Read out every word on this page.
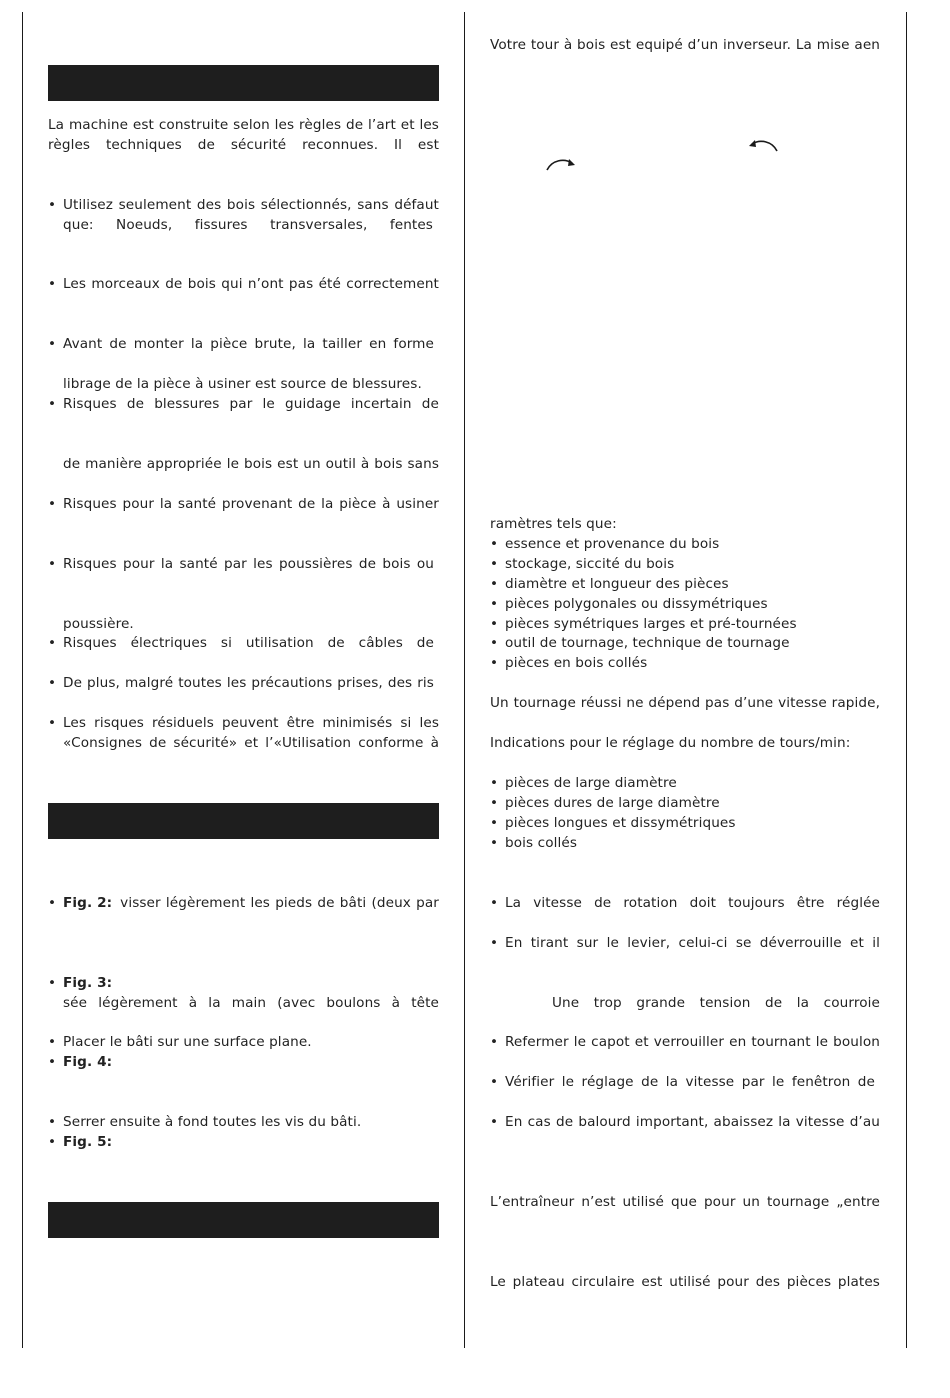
La machine est construite selon les règles de l’art et les
règles techniques de sécurité reconnues. Il est
• Utilisez seulement des bois sélectionnés, sans défaut
que: Noeuds, fissures transversales, fentes
• Les morceaux de bois qui n’ont pas été correctement
• Avant de monter la pièce brute, la tailler en forme
librage de la pièce à usiner est source de blessures.
• Risques de blessures par le guidage incertain de
de manière appropriée le bois est un outil à bois sans
• Risques pour la santé provenant de la pièce à usiner
• Risques pour la santé par les poussières de bois ou
poussière.
• Risques électriques si utilisation de câbles de
• De plus, malgré toutes les précautions prises, des ris
• Les risques résiduels peuvent être minimisés si les
«Consignes de sécurité» et l’«Utilisation conforme à
• Fig. 2: visser légèrement les pieds de bâti (deux par
• Fig. 3:
sée légèrement à la main (avec boulons à tête
• Placer le bâti sur une surface plane.
• Fig. 4:
• Serrer ensuite à fond toutes les vis du bâti.
• Fig. 5:
Votre tour à bois est equipé d’un inverseur. La mise aen
ramètres tels que:
• essence et provenance du bois
• stockage, siccité du bois
• diamètre et longueur des pièces
• pièces polygonales ou dissymétriques
• pièces symétriques larges et pré-tournées
• outil de tournage, technique de tournage
• pièces en bois collés
Un tournage réussi ne dépend pas d’une vitesse rapide,
Indications pour le réglage du nombre de tours/min:
• pièces de large diamètre
• pièces dures de large diamètre
• pièces longues et dissymétriques
• bois collés
• La vitesse de rotation doit toujours être réglée
• En tirant sur le levier, celui-ci se déverrouille et il
Une trop grande tension de la courroie
• Refermer le capot et verrouiller en tournant le boulon
• Vérifier le réglage de la vitesse par le fenêtron de
• En cas de balourd important, abaissez la vitesse d’au
L’entraîneur n’est utilisé que pour un tournage „entre
Le plateau circulaire est utilisé pour des pièces plates
